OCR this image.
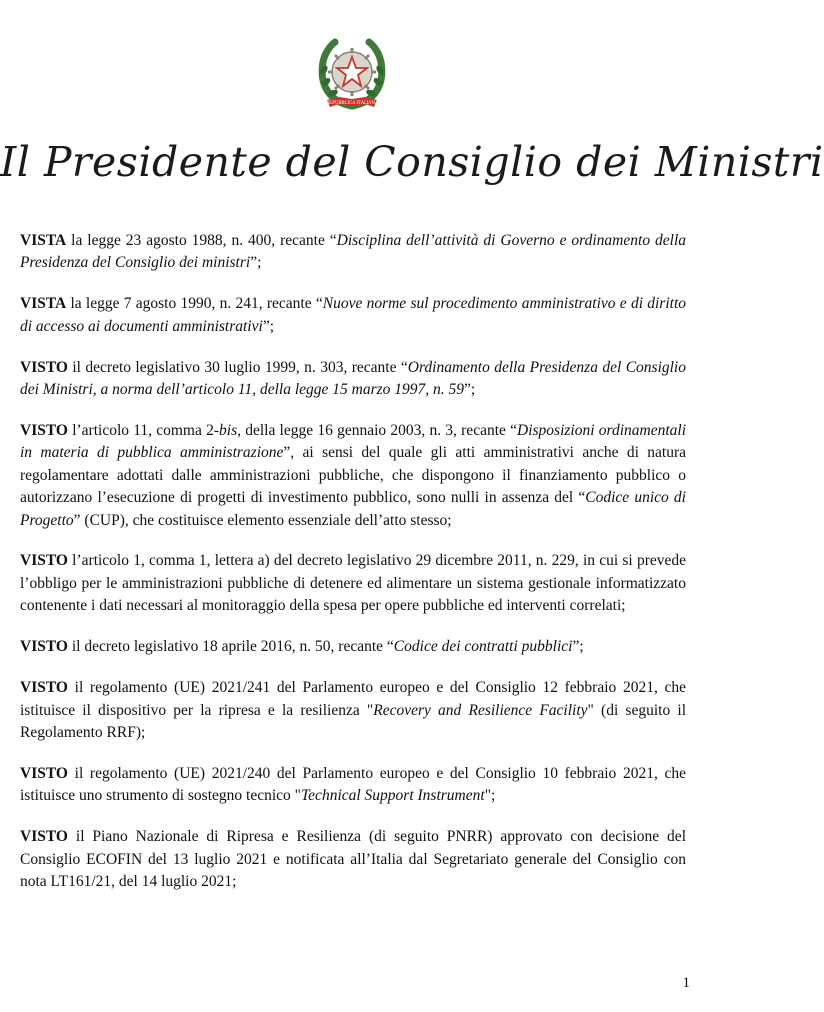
REPUBBLICA ITALIANA
Il Presidente del Consiglio dei Ministri

VISTA la legge 23 agosto 1988, n. 400, recante “Disciplina dell’attività di Governo e ordinamento della Presidenza del Consiglio dei ministri”;

VISTA la legge 7 agosto 1990, n. 241, recante “Nuove norme sul procedimento amministrativo e di diritto di accesso ai documenti amministrativi”;

VISTO il decreto legislativo 30 luglio 1999, n. 303, recante “Ordinamento della Presidenza del Consiglio dei Ministri, a norma dell’articolo 11, della legge 15 marzo 1997, n. 59”;

VISTO l’articolo 11, comma 2-bis, della legge 16 gennaio 2003, n. 3, recante “Disposizioni ordinamentali in materia di pubblica amministrazione”, ai sensi del quale gli atti amministrativi anche di natura regolamentare adottati dalle amministrazioni pubbliche, che dispongono il finanziamento pubblico o autorizzano l’esecuzione di progetti di investimento pubblico, sono nulli in assenza del “Codice unico di Progetto” (CUP), che costituisce elemento essenziale dell’atto stesso;

VISTO l’articolo 1, comma 1, lettera a) del decreto legislativo 29 dicembre 2011, n. 229, in cui si prevede l’obbligo per le amministrazioni pubbliche di detenere ed alimentare un sistema gestionale informatizzato contenente i dati necessari al monitoraggio della spesa per opere pubbliche ed interventi correlati;

VISTO il decreto legislativo 18 aprile 2016, n. 50, recante “Codice dei contratti pubblici”;

VISTO il regolamento (UE) 2021/241 del Parlamento europeo e del Consiglio 12 febbraio 2021, che istituisce il dispositivo per la ripresa e la resilienza "Recovery and Resilience Facility" (di seguito il Regolamento RRF);

VISTO il regolamento (UE) 2021/240 del Parlamento europeo e del Consiglio 10 febbraio 2021, che istituisce uno strumento di sostegno tecnico "Technical Support Instrument";

VISTO il Piano Nazionale di Ripresa e Resilienza (di seguito PNRR) approvato con decisione del Consiglio ECOFIN del 13 luglio 2021 e notificata all’Italia dal Segretariato generale del Consiglio con nota LT161/21, del 14 luglio 2021;

1
